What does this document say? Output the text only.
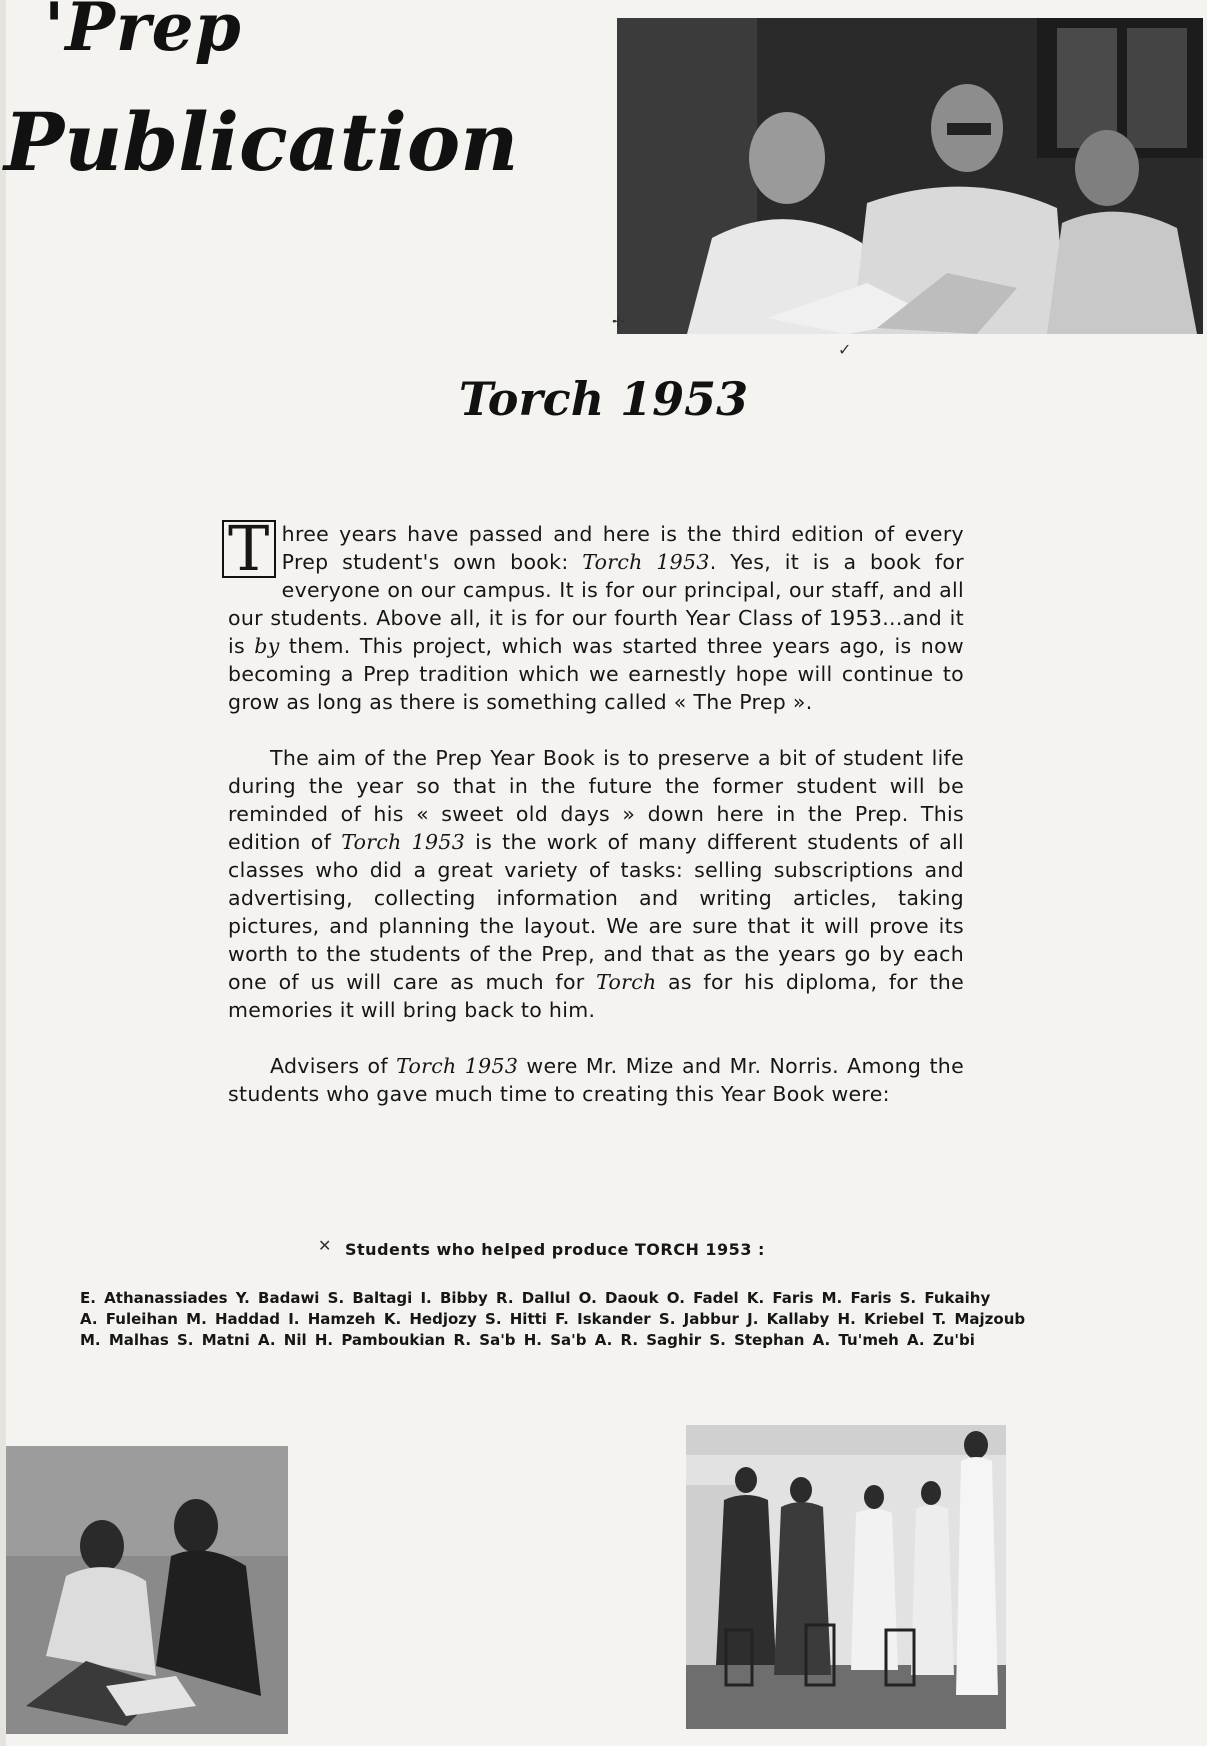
'Prep
Publication
✢
✓
Torch 1953

T hree years have passed and here is the third edition of every Prep student's own book: Torch 1953. Yes, it is a book for everyone on our campus. It is for our principal, our staff, and all our students. Above all, it is for our fourth Year Class of 1953...and it is by them. This project, which was started three years ago, is now becoming a Prep tradition which we earnestly hope will continue to grow as long as there is something called « The Prep ».

The aim of the Prep Year Book is to preserve a bit of student life during the year so that in the future the former student will be reminded of his « sweet old days » down here in the Prep. This edition of Torch 1953 is the work of many different students of all classes who did a great variety of tasks: selling subscriptions and advertising, collecting information and writing articles, taking pictures, and planning the layout. We are sure that it will prove its worth to the students of the Prep, and that as the years go by each one of us will care as much for Torch as for his diploma, for the memories it will bring back to him.

Advisers of Torch 1953 were Mr. Mize and Mr. Norris. Among the students who gave much time to creating this Year Book were:

✕ Students who helped produce TORCH 1953 :
E. Athanassiades Y. Badawi S. Baltagi I. Bibby R. Dallul O. Daouk O. Fadel K. Faris M. Faris S. Fukaihy
A. Fuleihan M. Haddad I. Hamzeh K. Hedjozy S. Hitti F. Iskander S. Jabbur J. Kallaby H. Kriebel T. Majzoub
M. Malhas S. Matni A. Nil H. Pamboukian R. Sa'b H. Sa'b A. R. Saghir S. Stephan A. Tu'meh A. Zu'bi
